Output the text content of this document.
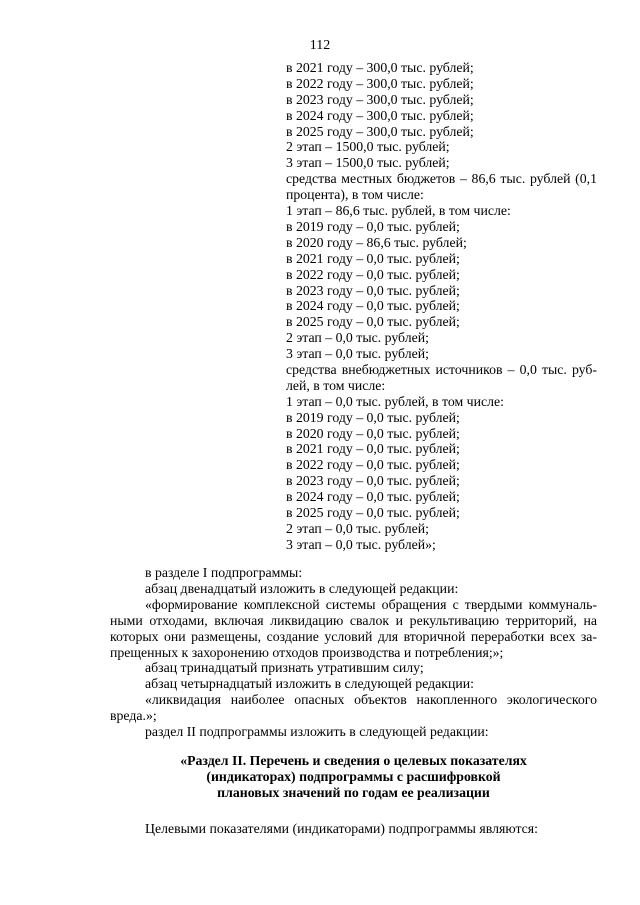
112
в 2021 году – 300,0 тыс. рублей;
в 2022 году – 300,0 тыс. рублей;
в 2023 году – 300,0 тыс. рублей;
в 2024 году – 300,0 тыс. рублей;
в 2025 году – 300,0 тыс. рублей;
2 этап – 1500,0 тыс. рублей;
3 этап – 1500,0 тыс. рублей;
средства местных бюджетов – 86,6 тыс. рублей (0,1 процента), в том числе:
1 этап – 86,6 тыс. рублей, в том числе:
в 2019 году – 0,0 тыс. рублей;
в 2020 году – 86,6 тыс. рублей;
в 2021 году – 0,0 тыс. рублей;
в 2022 году – 0,0 тыс. рублей;
в 2023 году – 0,0 тыс. рублей;
в 2024 году – 0,0 тыс. рублей;
в 2025 году – 0,0 тыс. рублей;
2 этап – 0,0 тыс. рублей;
3 этап – 0,0 тыс. рублей;
средства внебюджетных источников – 0,0 тыс. руб-лей, в том числе:
1 этап – 0,0 тыс. рублей, в том числе:
в 2019 году – 0,0 тыс. рублей;
в 2020 году – 0,0 тыс. рублей;
в 2021 году – 0,0 тыс. рублей;
в 2022 году – 0,0 тыс. рублей;
в 2023 году – 0,0 тыс. рублей;
в 2024 году – 0,0 тыс. рублей;
в 2025 году – 0,0 тыс. рублей;
2 этап – 0,0 тыс. рублей;
3 этап – 0,0 тыс. рублей»;
в разделе I подпрограммы:
абзац двенадцатый изложить в следующей редакции:
«формирование комплексной системы обращения с твердыми коммуналь-ными отходами, включая ликвидацию свалок и рекультивацию территорий, на которых они размещены, создание условий для вторичной переработки всех за-прещенных к захоронению отходов производства и потребления;»;
абзац тринадцатый признать утратившим силу;
абзац четырнадцатый изложить в следующей редакции:
«ликвидация наиболее опасных объектов накопленного экологического вреда.»;
раздел II подпрограммы изложить в следующей редакции:
«Раздел II. Перечень и сведения о целевых показателях
(индикаторах) подпрограммы с расшифровкой
плановых значений по годам ее реализации
Целевыми показателями (индикаторами) подпрограммы являются:
